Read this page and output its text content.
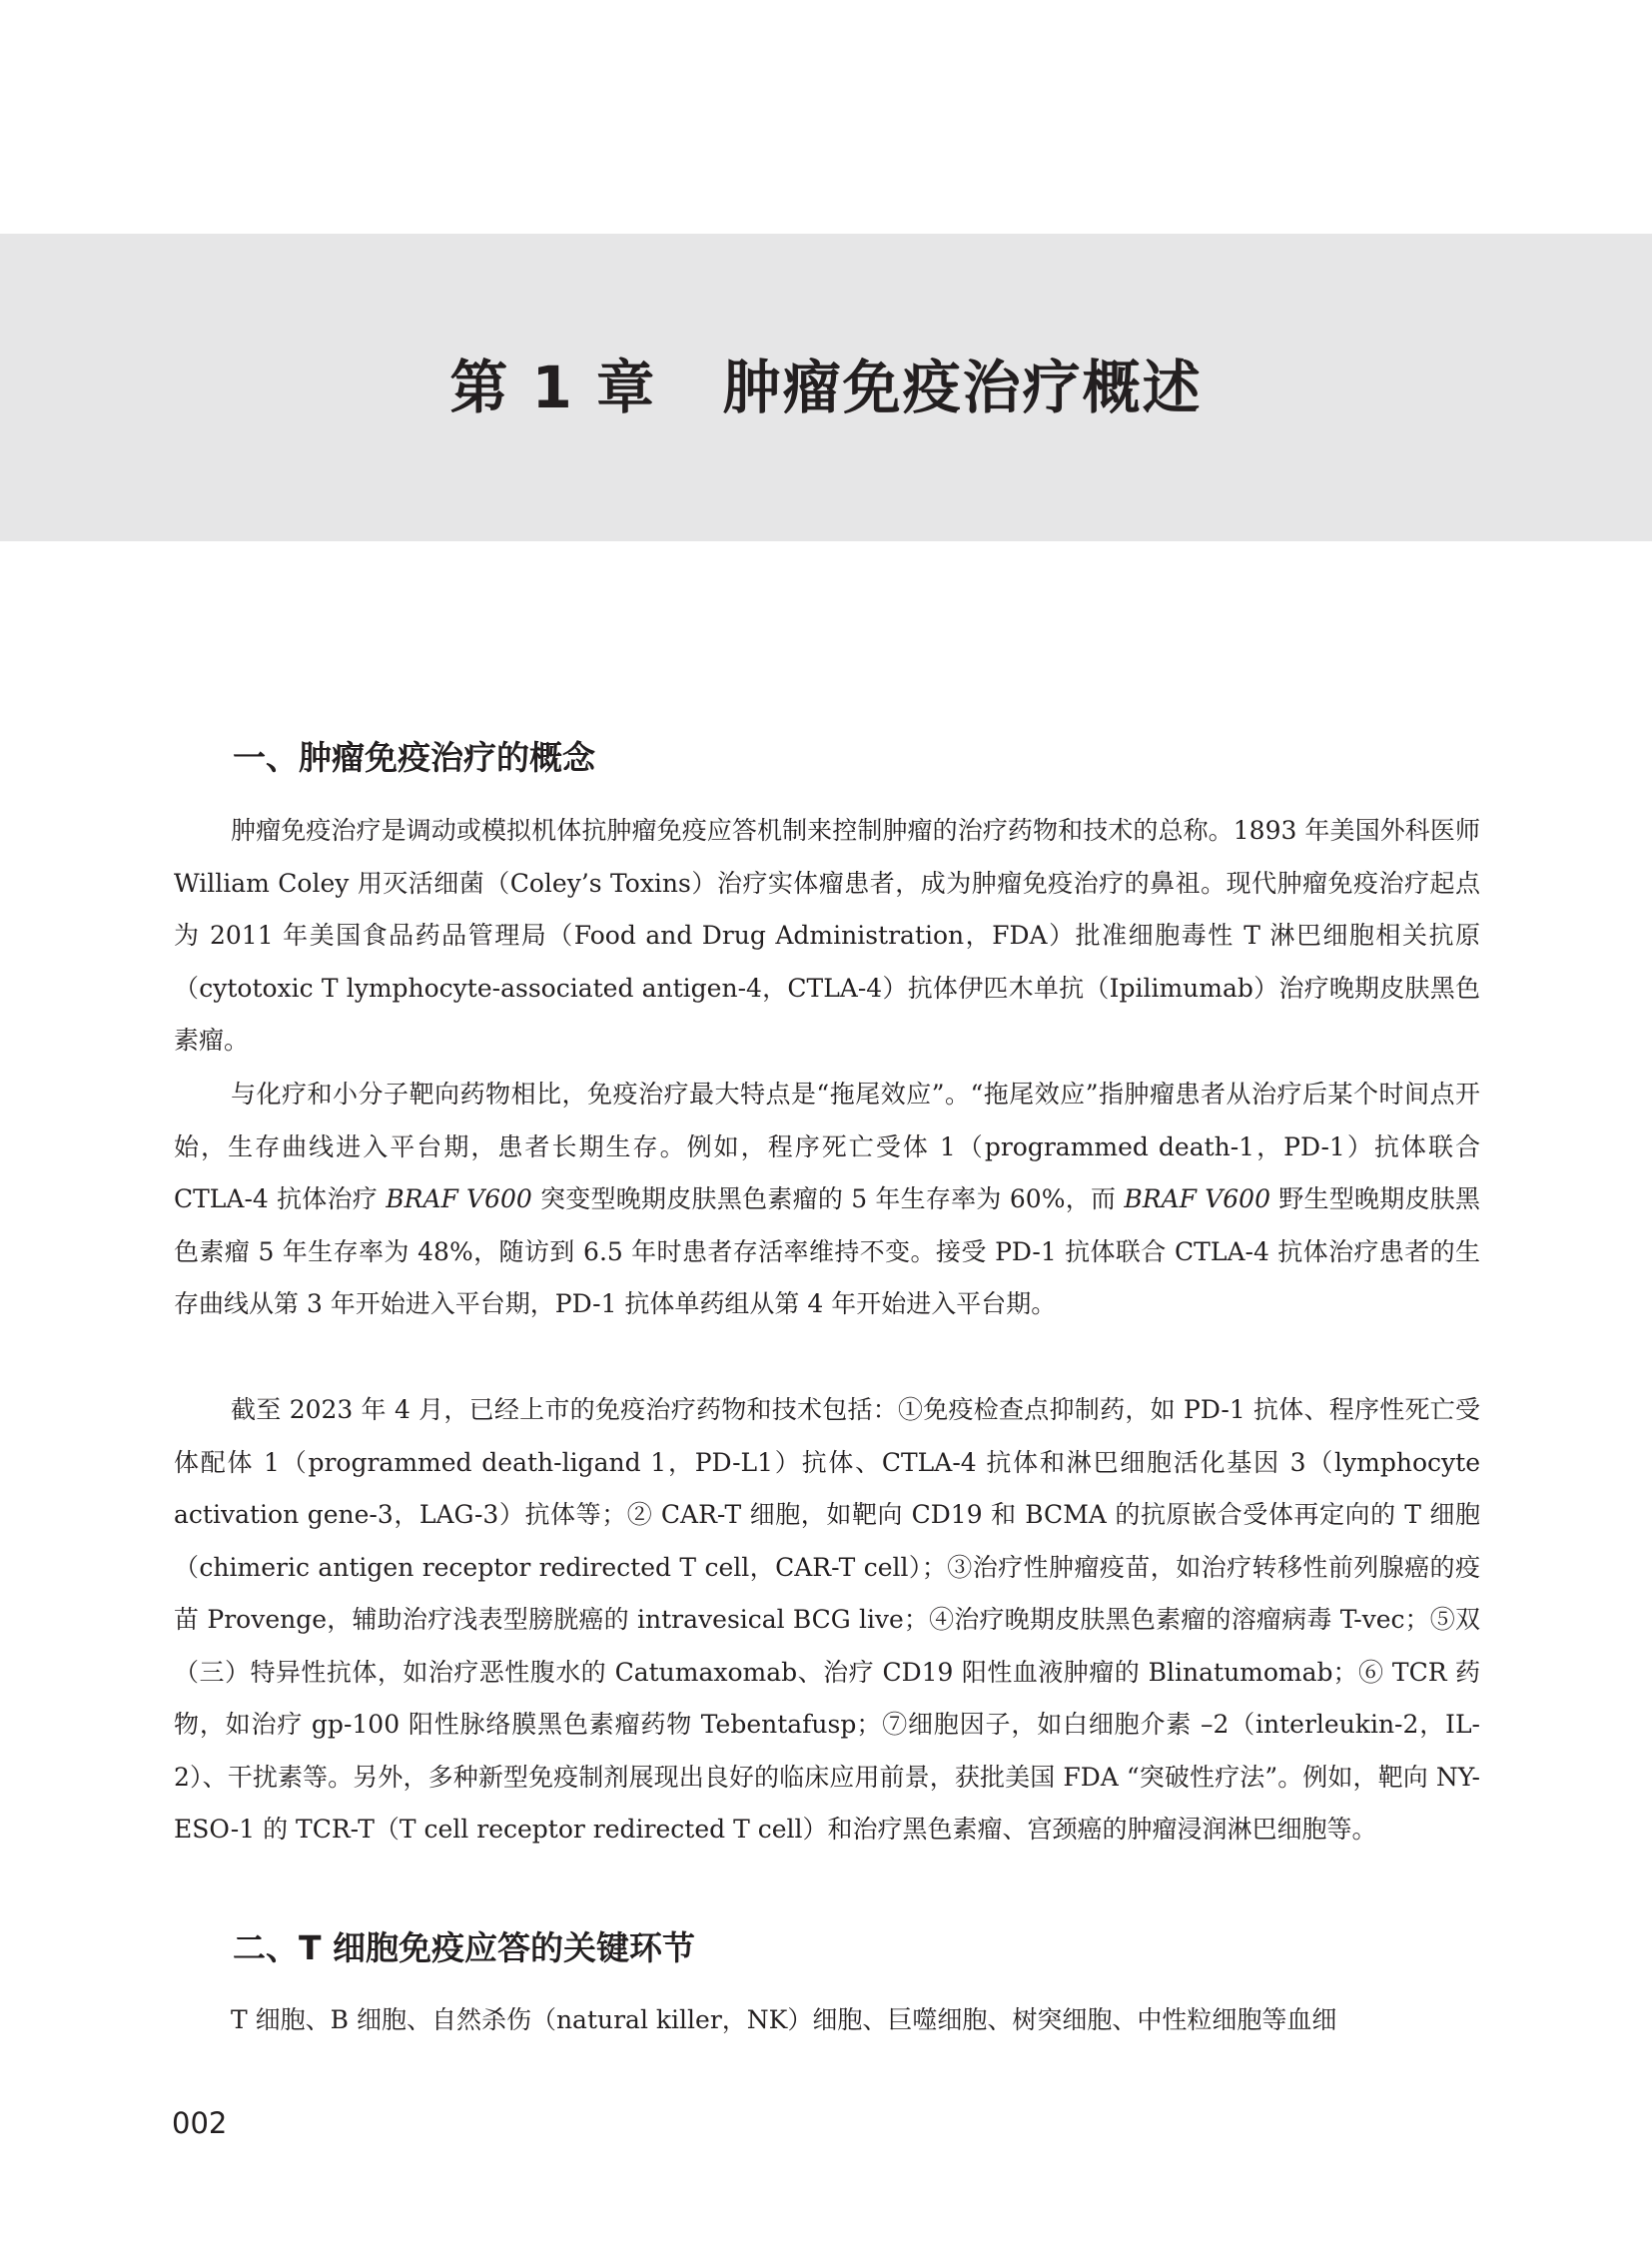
第 1 章   肿瘤免疫治疗概述
一、肿瘤免疫治疗的概念

肿瘤免疫治疗是调动或模拟机体抗肿瘤免疫应答机制来控制肿瘤的治疗药物和技术的总称。1893 年美国外科医师 William Coley 用灭活细菌（Coley’s Toxins）治疗实体瘤患者，成为肿瘤免疫治疗的鼻祖。现代肿瘤免疫治疗起点为 2011 年美国食品药品管理局（Food and Drug Administration，FDA）批准细胞毒性 T 淋巴细胞相关抗原（cytotoxic T lymphocyte-associated antigen-4，CTLA-4）抗体伊匹木单抗（Ipilimumab）治疗晚期皮肤黑色素瘤。

与化疗和小分子靶向药物相比，免疫治疗最大特点是“拖尾效应”。“拖尾效应”指肿瘤患者从治疗后某个时间点开始，生存曲线进入平台期，患者长期生存。例如，程序死亡受体 1（programmed death-1，PD-1）抗体联合 CTLA-4 抗体治疗 BRAF V600 突变型晚期皮肤黑色素瘤的 5 年生存率为 60%，而 BRAF V600 野生型晚期皮肤黑色素瘤 5 年生存率为 48%，随访到 6.5 年时患者存活率维持不变。接受 PD-1 抗体联合 CTLA-4 抗体治疗患者的生存曲线从第 3 年开始进入平台期，PD-1 抗体单药组从第 4 年开始进入平台期。

截至 2023 年 4 月，已经上市的免疫治疗药物和技术包括：①免疫检查点抑制药，如 PD-1 抗体、程序性死亡受体配体 1（programmed death-ligand 1，PD-L1）抗体、CTLA-4 抗体和淋巴细胞活化基因 3（lymphocyte activation gene-3，LAG-3）抗体等；② CAR-T 细胞，如靶向 CD19 和 BCMA 的抗原嵌合受体再定向的 T 细胞（chimeric antigen receptor redirected T cell，CAR-T cell）；③治疗性肿瘤疫苗，如治疗转移性前列腺癌的疫苗 Provenge，辅助治疗浅表型膀胱癌的 intravesical BCG live；④治疗晚期皮肤黑色素瘤的溶瘤病毒 T-vec；⑤双（三）特异性抗体，如治疗恶性腹水的 Catumaxomab、治疗 CD19 阳性血液肿瘤的 Blinatumomab；⑥ TCR 药物，如治疗 gp-100 阳性脉络膜黑色素瘤药物 Tebentafusp；⑦细胞因子，如白细胞介素 –2（interleukin-2，IL-2）、干扰素等。另外，多种新型免疫制剂展现出良好的临床应用前景，获批美国 FDA “突破性疗法”。例如，靶向 NY-ESO-1 的 TCR-T（T cell receptor redirected T cell）和治疗黑色素瘤、宫颈癌的肿瘤浸润淋巴细胞等。

二、T 细胞免疫应答的关键环节

T 细胞、B 细胞、自然杀伤（natural killer，NK）细胞、巨噬细胞、树突细胞、中性粒细胞等血细

002
